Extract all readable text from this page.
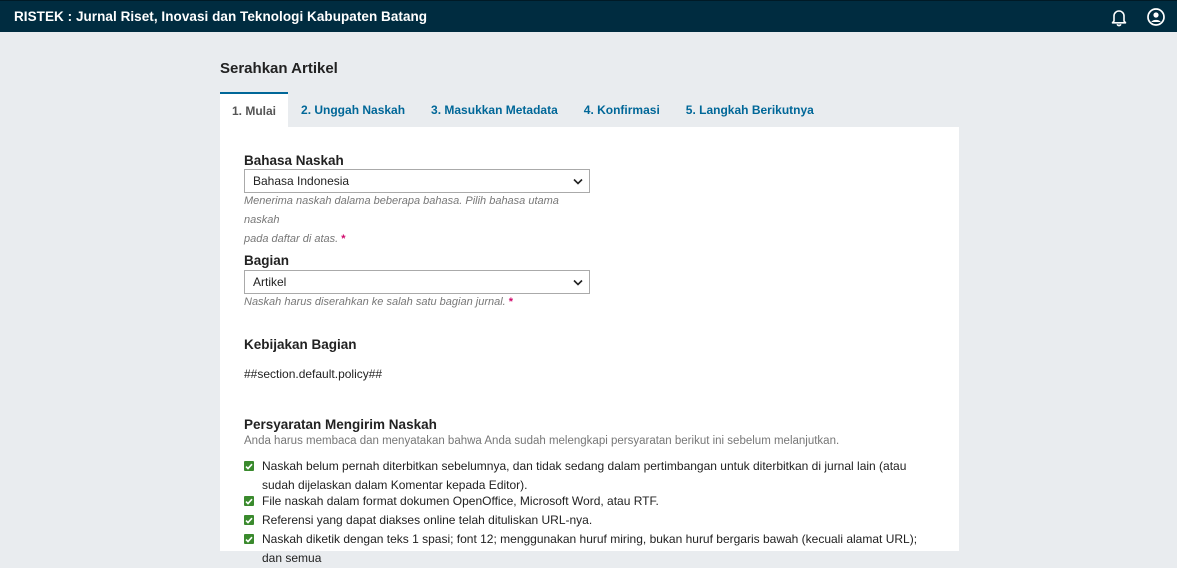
RISTEK : Jurnal Riset, Inovasi dan Teknologi Kabupaten Batang
Serahkan Artikel
1. Mulai	2. Unggah Naskah	3. Masukkan Metadata	4. Konfirmasi	5. Langkah Berikutnya
Bahasa Naskah
Bahasa Indonesia
Menerima naskah dalama beberapa bahasa. Pilih bahasa utama naskah
pada daftar di atas. *
Bagian
Artikel
Naskah harus diserahkan ke salah satu bagian jurnal. *
Kebijakan Bagian
##section.default.policy##
Persyaratan Mengirim Naskah
Anda harus membaca dan menyatakan bahwa Anda sudah melengkapi persyaratan berikut ini sebelum melanjutkan.
Naskah belum pernah diterbitkan sebelumnya, dan tidak sedang dalam pertimbangan untuk diterbitkan di jurnal lain (atau sudah dijelaskan dalam Komentar kepada Editor).
File naskah dalam format dokumen OpenOffice, Microsoft Word, atau RTF.
Referensi yang dapat diakses online telah dituliskan URL-nya.
Naskah diketik dengan teks 1 spasi; font 12; menggunakan huruf miring, bukan huruf bergaris bawah (kecuali alamat URL); dan semua
